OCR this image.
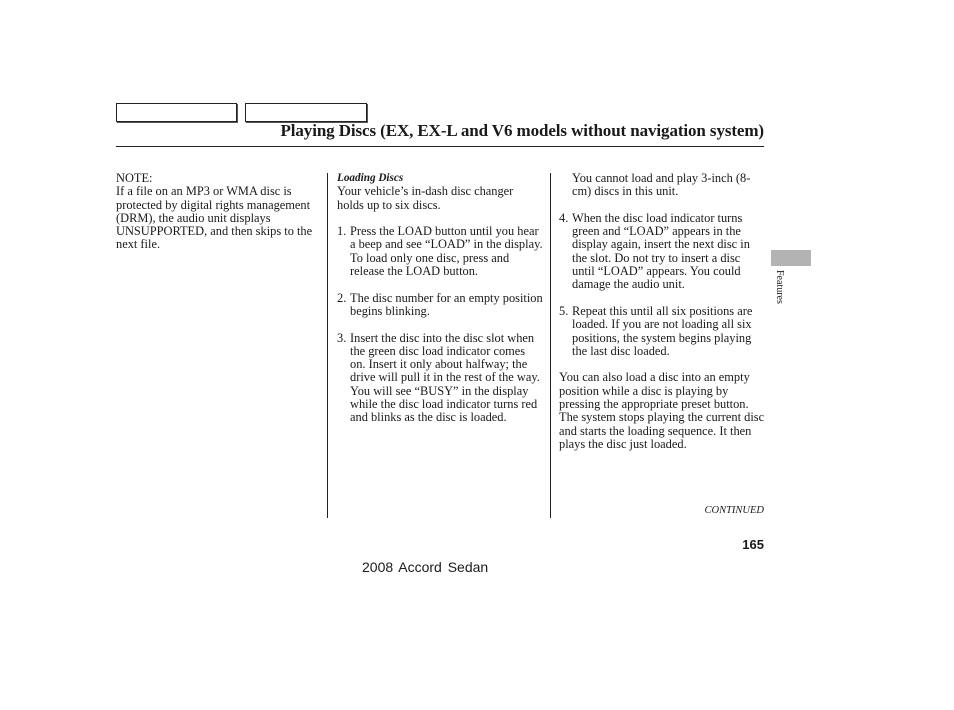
Playing Discs (EX, EX-L and V6 models without navigation system)

NOTE:

If a file on an MP3 or WMA disc is protected by digital rights management (DRM), the audio unit displays UNSUPPORTED, and then skips to the next file.

Loading Discs

Your vehicle’s in-dash disc changer holds up to six discs.

1. Press the LOAD button until you hear a beep and see “LOAD” in the display. To load only one disc, press and release the LOAD button.
2. The disc number for an empty position begins blinking.
3. Insert the disc into the disc slot when the green disc load indicator comes on. Insert it only about halfway; the drive will pull it in the rest of the way. You will see “BUSY” in the display while the disc load indicator turns red and blinks as the disc is loaded.

You cannot load and play 3-inch (8-cm) discs in this unit.

4. When the disc load indicator turns green and “LOAD” appears in the display again, insert the next disc in the slot. Do not try to insert a disc until “LOAD” appears. You could damage the audio unit.
5. Repeat this until all six positions are loaded. If you are not loading all six positions, the system begins playing the last disc loaded.

You can also load a disc into an empty position while a disc is playing by pressing the appropriate preset button. The system stops playing the current disc and starts the loading sequence. It then plays the disc just loaded.

Features
CONTINUED
165
2008 Accord Sedan
